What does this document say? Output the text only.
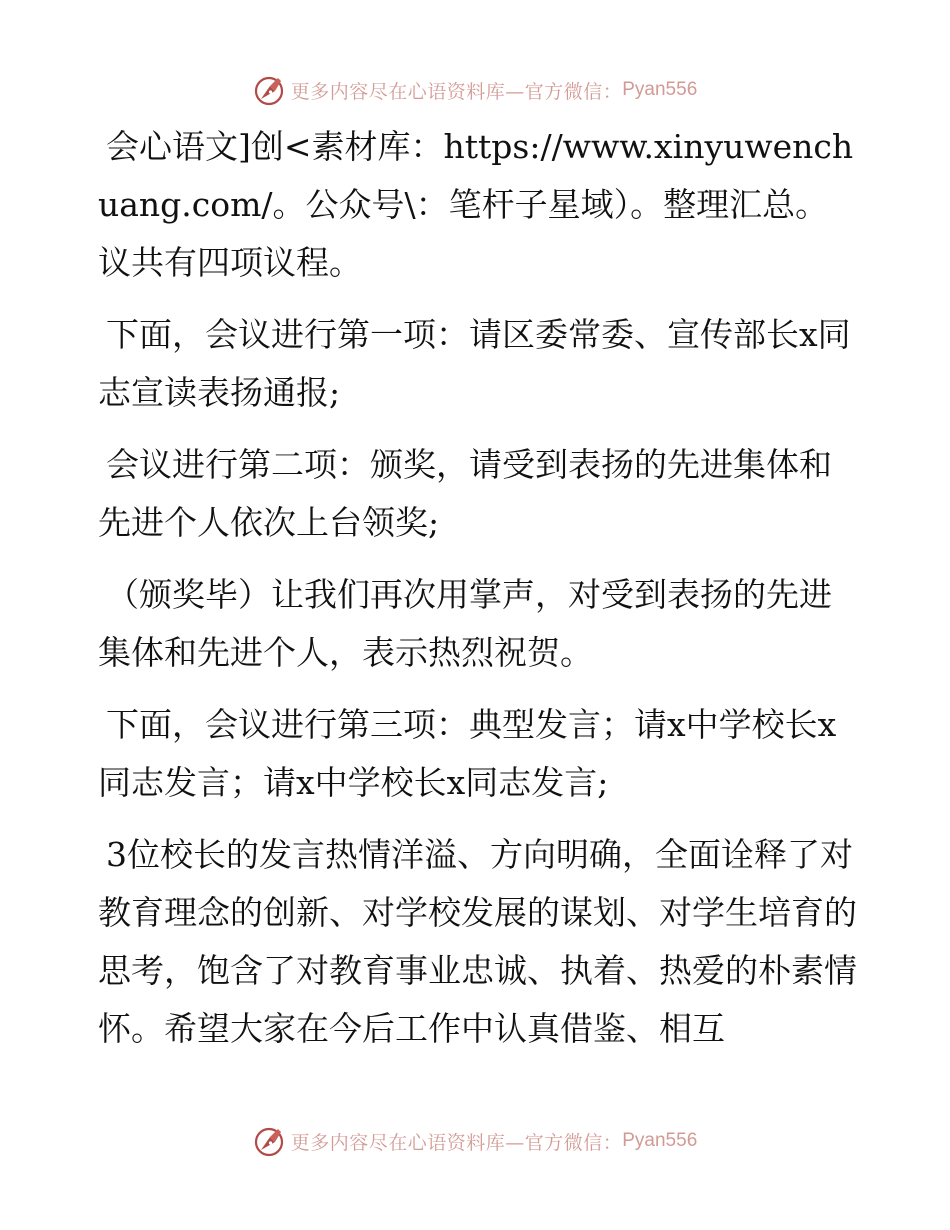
更多内容尽在心语资料库—官方微信： Pyan556

会心语文]创<素材库：https://www.xinyuwenchuang.com/。公众号\：笔杆子星域）。整理汇总。议共有四项议程。

下面，会议进行第一项：请区委常委、宣传部长x同志宣读表扬通报;

会议进行第二项：颁奖，请受到表扬的先进集体和先进个人依次上台领奖;

（颁奖毕）让我们再次用掌声，对受到表扬的先进集体和先进个人，表示热烈祝贺。

下面，会议进行第三项：典型发言；请x中学校长x同志发言；请x中学校长x同志发言;

3位校长的发言热情洋溢、方向明确，全面诠释了对教育理念的创新、对学校发展的谋划、对学生培育的思考，饱含了对教育事业忠诚、执着、热爱的朴素情怀。希望大家在今后工作中认真借鉴、相互

更多内容尽在心语资料库—官方微信： Pyan556
